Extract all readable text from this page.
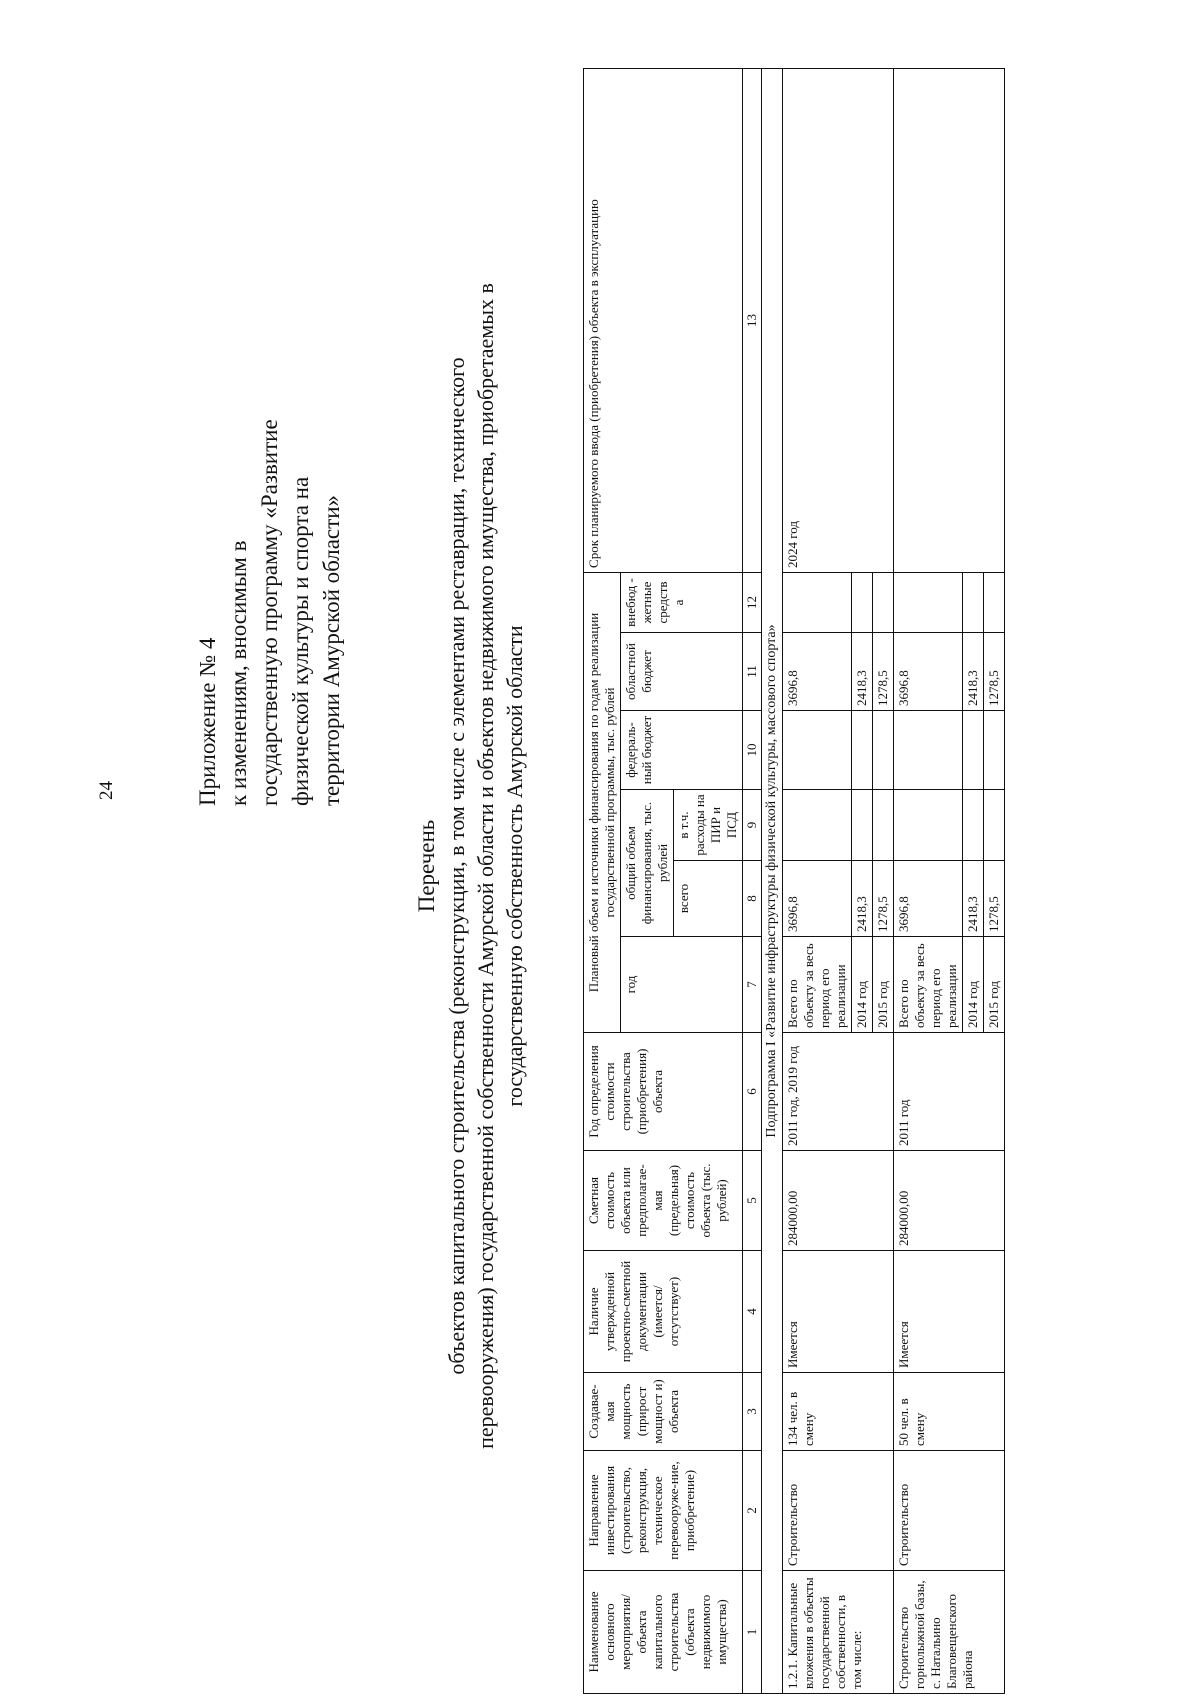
24	Приложение № 4 к изменениям, вносимым в государственную программу «Развитие физической культуры и спорта на территории Амурской области»
Перечень объектов капитального строительства (реконструкции, в том числе с элементами реставрации, технического перевооружения) государственной собственности Амурской области и объектов недвижимого имущества, приобретаемых в государственную собственность Амурской области
Наименование основного мероприятия/ объекта капитального строительства (объекта недвижимого имущества)	Направление инвестирования (строительство, реконструкция, техническое перевооруже-ние, приобретение)	Создавае-мая мощность (прирост мощност и) объекта	Наличие утвержденной проектно-сметной документации (имеется/ отсутствует)	Сметная стоимость объекта или предполагае-мая (предельная) стоимость объекта (тыс. рублей)	Год определения стоимости строительства (приобретения) объекта	Плановый объем и источники финансирования по годам реализации государственной программы, тыс. рублей						Срок планируемого ввода (приобретения) объекта в эксплуатацию
						год	общий объем финансирования, тыс. рублей		федераль-ный бюджет	областной бюджет	внебюд - жетные средств а	
							всего	в т.ч. расходы на ПИР и ПСД				
1	2	3	4	5	6	7	8	9	10	11	12	13
Подпрограмма I «Развитие инфраструктуры физической культуры, массового спорта»												
1.2.1. Капитальные вложения в объекты государственной собственности, в том числе:	Строительство	134 чел. в смену	Имеется	284000,00	2011 год, 2019 год	Всего по объекту за весь период его реализации	3696,8			3696,8		2024 год
						2014 год	2418,3			2418,3		
						2015 год	1278,5			1278,5		
Строительство горнолыжной базы, с. Натальино Благовещенского района	Строительство	50 чел. в смену	Имеется	284000,00	2011 год	Всего по объекту за весь период его реализации	3696,8			3696,8		
						2014 год	2418,3			2418,3		
						2015 год	1278,5			1278,5		
